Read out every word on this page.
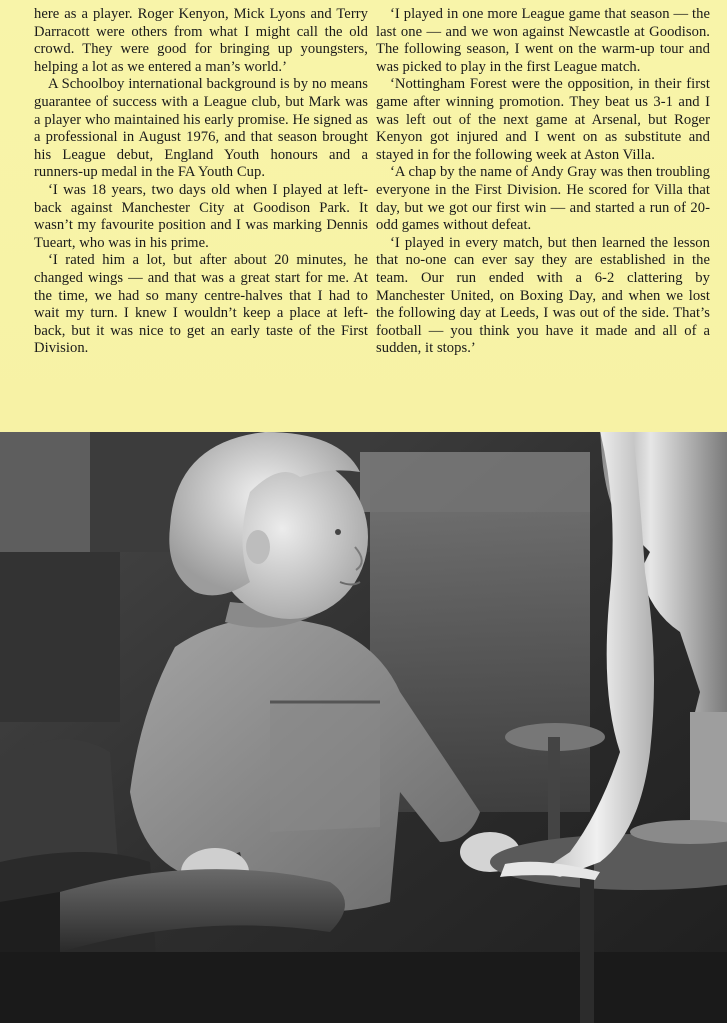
here as a player. Roger Kenyon, Mick Lyons and Terry Darracott were others from what I might call the old crowd. They were good for bringing up youngsters, helping a lot as we entered a man’s world.’

A Schoolboy international background is by no means guarantee of success with a League club, but Mark was a player who maintained his early promise. He signed as a professional in August 1976, and that season brought his League debut, England Youth honours and a runners-up medal in the FA Youth Cup.

‘I was 18 years, two days old when I played at left-back against Manchester City at Goodison Park. It wasn’t my favourite position and I was marking Dennis Tueart, who was in his prime.

‘I rated him a lot, but after about 20 minutes, he changed wings — and that was a great start for me. At the time, we had so many centre-halves that I had to wait my turn. I knew I wouldn’t keep a place at left-back, but it was nice to get an early taste of the First Division.

‘I played in one more League game that season — the last one — and we won against Newcastle at Goodison. The following season, I went on the warm-up tour and was picked to play in the first League match.

‘Nottingham Forest were the opposition, in their first game after winning promotion. They beat us 3-1 and I was left out of the next game at Arsenal, but Roger Kenyon got injured and I went on as substitute and stayed in for the following week at Aston Villa.

‘A chap by the name of Andy Gray was then troubling everyone in the First Division. He scored for Villa that day, but we got our first win — and started a run of 20-odd games without defeat.

‘I played in every match, but then learned the lesson that no-one can ever say they are established in the team. Our run ended with a 6-2 clattering by Manchester United, on Boxing Day, and when we lost the following day at Leeds, I was out of the side. That’s football — you think you have it made and all of a sudden, it stops.’
